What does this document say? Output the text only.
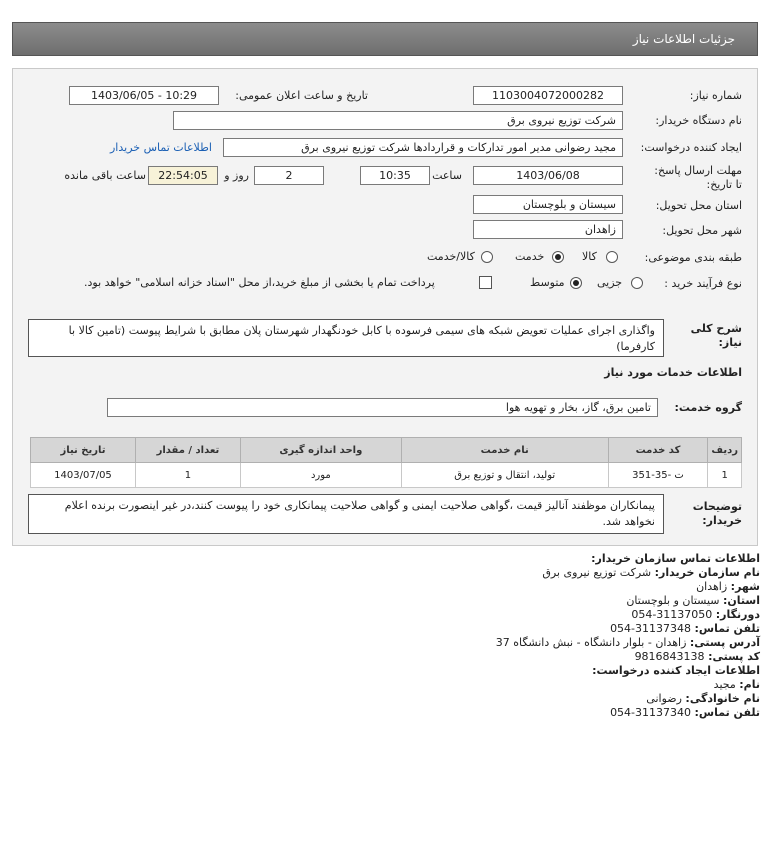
جزئیات اطلاعات نیاز
شماره نیاز:
1103004072000282
تاریخ و ساعت اعلان عمومی:
1403/06/05 - 10:29
نام دستگاه خریدار:
شرکت توزیع نیروی برق
ایجاد کننده درخواست:
مجید رضوانی مدیر امور تدارکات و قراردادها شرکت توزیع نیروی برق
اطلاعات تماس خریدار
مهلت ارسال پاسخ: تا تاریخ:
1403/06/08
ساعت
10:35
2
روز و
22:54:05
ساعت باقی مانده
استان محل تحویل:
سیستان و بلوچستان
شهر محل تحویل:
زاهدان
طبقه بندی موضوعی:
کالا
خدمت
کالا/خدمت
نوع فرآیند خرید :
جزیی
متوسط
پرداخت تمام یا بخشی از مبلغ خرید،از محل "اسناد خزانه اسلامی" خواهد بود.
شرح کلی نیاز:
واگذاری اجرای عملیات تعویض شبکه های سیمی فرسوده با کابل خودنگهدار شهرستان پلان مطابق با شرایط پیوست (تامین کالا با کارفرما)
اطلاعات خدمات مورد نیاز
گروه خدمت:
تامین برق، گاز، بخار و تهویه هوا
ردیف	کد خدمت	نام خدمت	واحد اندازه گیری	تعداد / مقدار	تاریخ نیاز
1	ت -35-351	تولید، انتقال و توزیع برق	مورد	1	1403/07/05
توضیحات خریدار:
پیمانکاران موظفند آنالیز قیمت ،گواهی صلاحیت ایمنی و گواهی صلاحیت پیمانکاری خود را پیوست کنند،در غیر اینصورت برنده اعلام نخواهد شد.
اطلاعات تماس سازمان خریدار:
نام سازمان خریدار: شرکت توزیع نیروی برق
شهر: زاهدان
استان: سیستان و بلوچستان
دورنگار: 054-31137050
تلفن تماس: 054-31137348
آدرس پستی: زاهدان - بلوار دانشگاه - نبش دانشگاه 37
کد پستی: 9816843138
اطلاعات ایجاد کننده درخواست:
نام: مجید
نام خانوادگی: رضوانی
تلفن تماس: 054-31137340
